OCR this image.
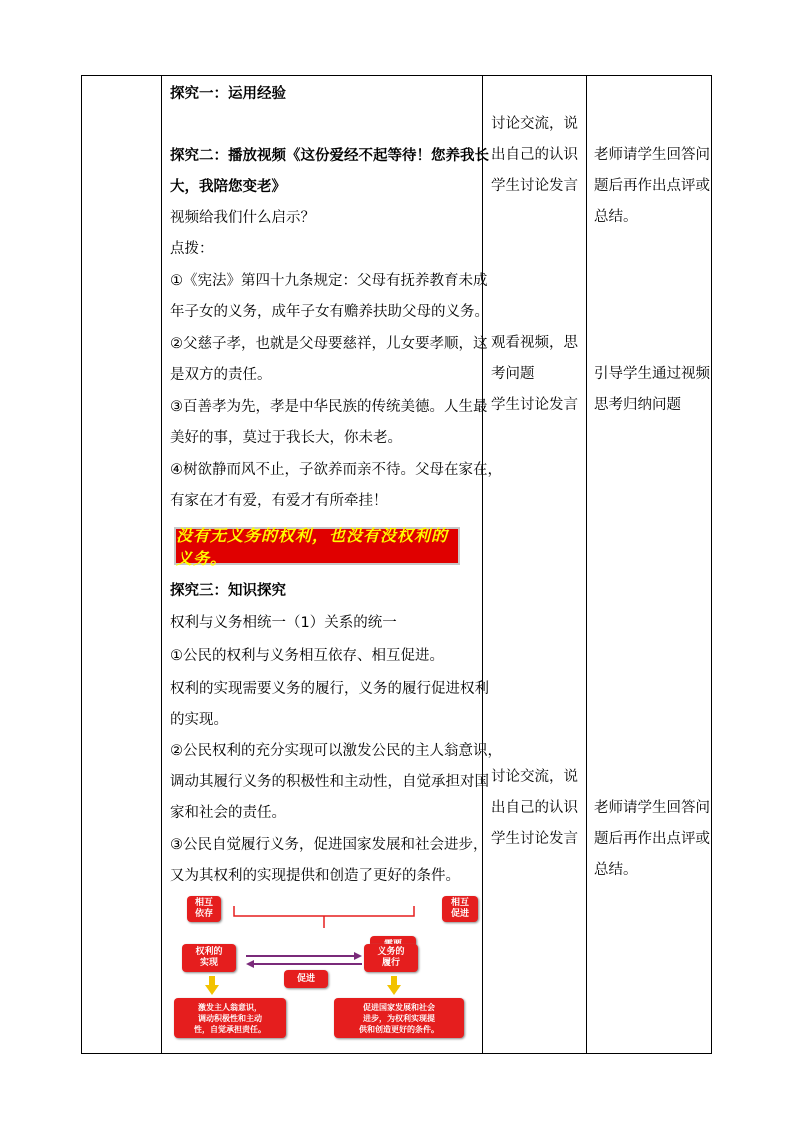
探究一：运用经验
探究二：播放视频《这份爱经不起等待！您养我长
大，我陪您变老》
视频给我们什么启示？
点拨：
①《宪法》第四十九条规定：父母有抚养教育未成
年子女的义务，成年子女有赡养扶助父母的义务。
②父慈子孝，也就是父母要慈祥，儿女要孝顺，这
是双方的责任。
③百善孝为先，孝是中华民族的传统美德。人生最
美好的事，莫过于我长大，你未老。
④树欲静而风不止，子欲养而亲不待。父母在家在，
有家在才有爱，有爱才有所牵挂！
探究三：知识探究
权利与义务相统一（1）关系的统一
①公民的权利与义务相互依存、相互促进。
权利的实现需要义务的履行，义务的履行促进权利
的实现。
②公民权利的充分实现可以激发公民的主人翁意识，
调动其履行义务的积极性和主动性，自觉承担对国
家和社会的责任。
③公民自觉履行义务，促进国家发展和社会进步，
又为其权利的实现提供和创造了更好的条件。
没有无义务的权利，也没有没权利的义务。
相互
依存
相互
促进
权利的
实现
义务的
履行
促进
激发主人翁意识，
调动积极性和主动
性，自觉承担责任。
促进国家发展和社会
进步，为权利实现提
供和创造更好的条件。
讨论交流，说
出自己的认识
学生讨论发言
观看视频，思
考问题
学生讨论发言
讨论交流，说
出自己的认识
学生讨论发言
老师请学生回答问
题后再作出点评或
总结。
引导学生通过视频
思考归纳问题
老师请学生回答问
题后再作出点评或
总结。
